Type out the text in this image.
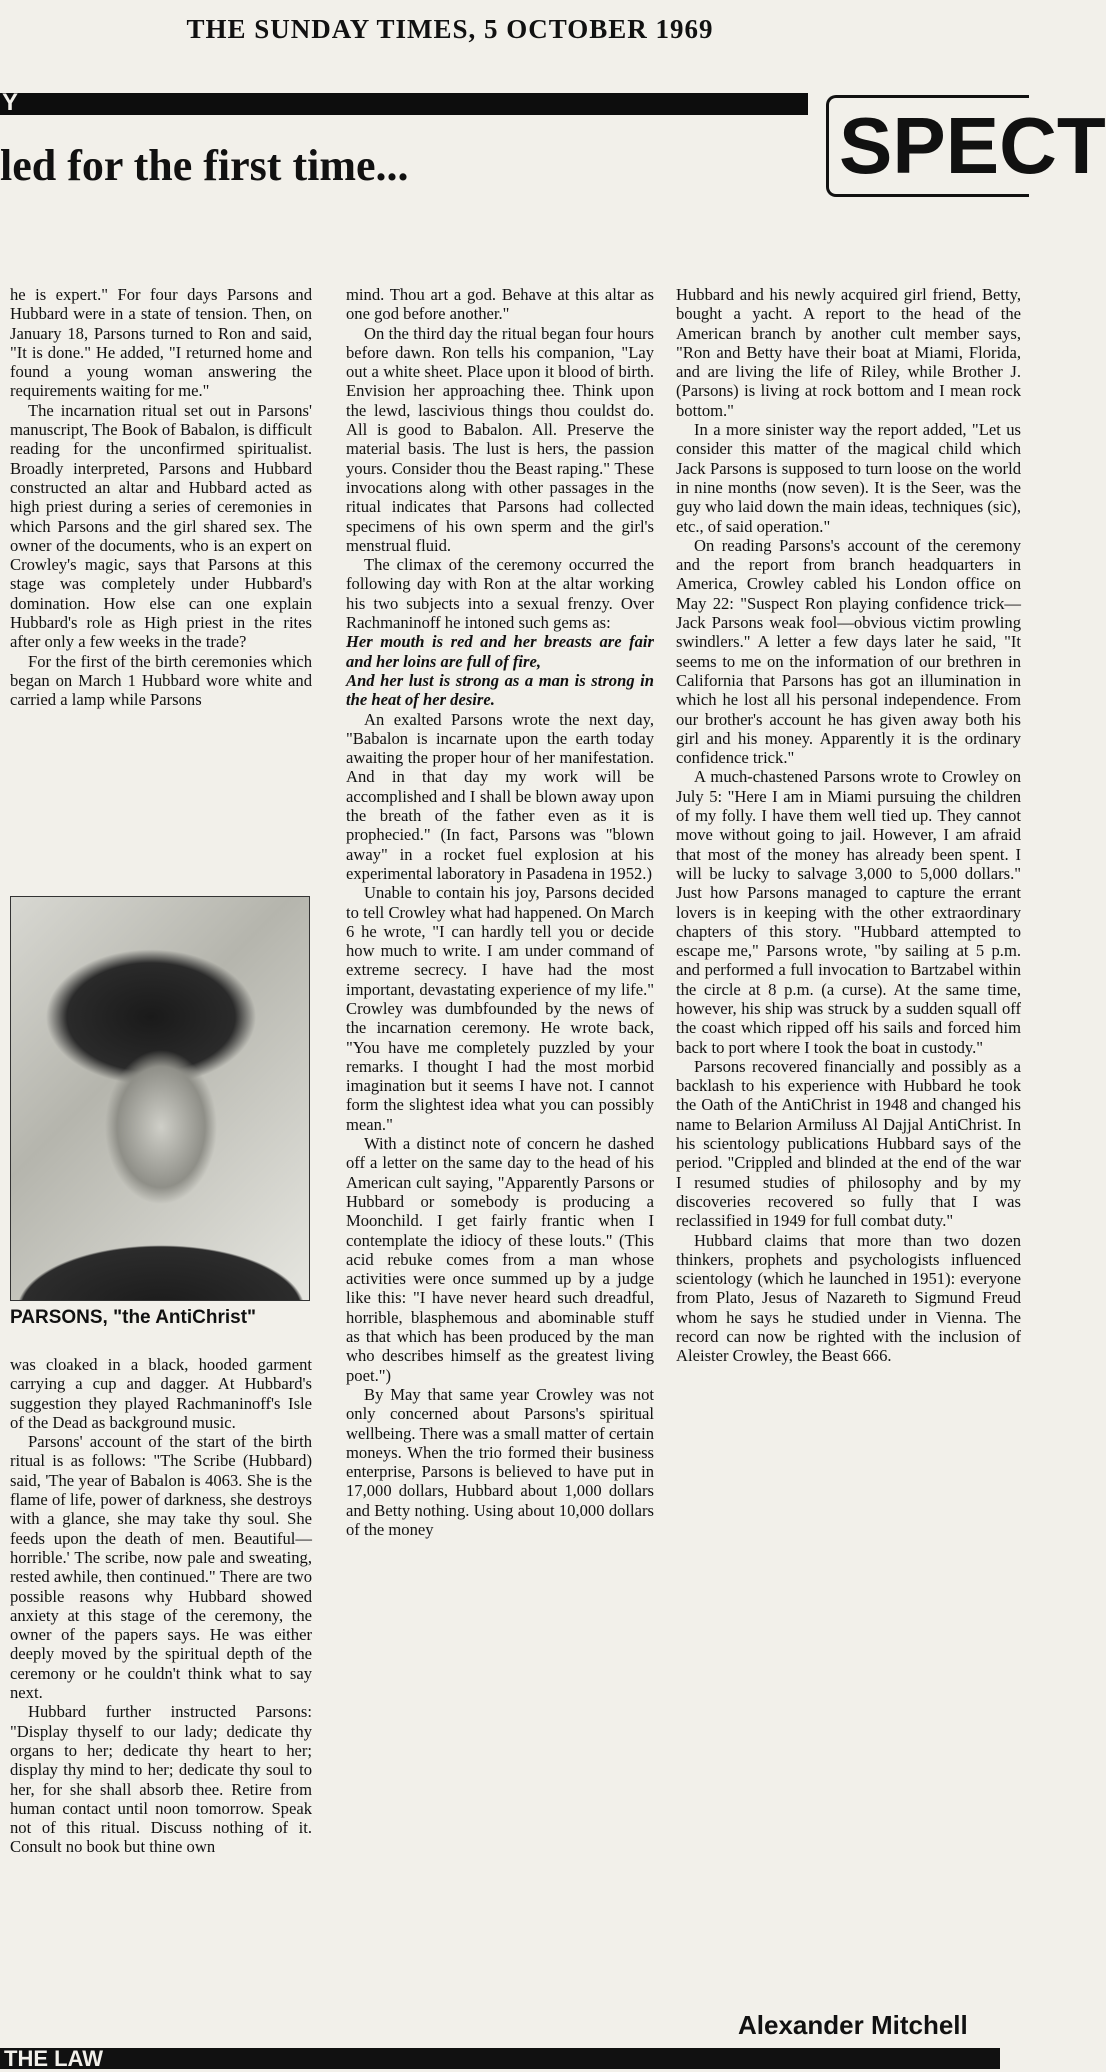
THE SUNDAY TIMES, 5 OCTOBER 1969
Y	SPECT
led for the first time...

he is expert." For four days Parsons and Hubbard were in a state of tension. Then, on January 18, Parsons turned to Ron and said, "It is done." He added, "I returned home and found a young woman answering the requirements waiting for me."

The incarnation ritual set out in Parsons' manuscript, The Book of Babalon, is difficult reading for the unconfirmed spiritualist. Broadly interpreted, Parsons and Hubbard constructed an altar and Hubbard acted as high priest during a series of ceremonies in which Parsons and the girl shared sex. The owner of the documents, who is an expert on Crowley's magic, says that Parsons at this stage was completely under Hubbard's domination. How else can one explain Hubbard's role as High priest in the rites after only a few weeks in the trade?

For the first of the birth ceremonies which began on March 1 Hubbard wore white and carried a lamp while Parsons

PARSONS, "the AntiChrist"

was cloaked in a black, hooded garment carrying a cup and dagger. At Hubbard's suggestion they played Rachmaninoff's Isle of the Dead as background music.

Parsons' account of the start of the birth ritual is as follows: "The Scribe (Hubbard) said, 'The year of Babalon is 4063. She is the flame of life, power of darkness, she destroys with a glance, she may take thy soul. She feeds upon the death of men. Beautiful—horrible.' The scribe, now pale and sweating, rested awhile, then continued." There are two possible reasons why Hubbard showed anxiety at this stage of the ceremony, the owner of the papers says. He was either deeply moved by the spiritual depth of the ceremony or he couldn't think what to say next.

Hubbard further instructed Parsons: "Display thyself to our lady; dedicate thy organs to her; dedicate thy heart to her; display thy mind to her; dedicate thy soul to her, for she shall absorb thee. Retire from human contact until noon tomorrow. Speak not of this ritual. Discuss nothing of it. Consult no book but thine own

mind. Thou art a god. Behave at this altar as one god before another."

On the third day the ritual began four hours before dawn. Ron tells his companion, "Lay out a white sheet. Place upon it blood of birth. Envision her approaching thee. Think upon the lewd, lascivious things thou couldst do. All is good to Babalon. All. Preserve the material basis. The lust is hers, the passion yours. Consider thou the Beast raping." These invocations along with other passages in the ritual indicates that Parsons had collected specimens of his own sperm and the girl's menstrual fluid.

The climax of the ceremony occurred the following day with Ron at the altar working his two subjects into a sexual frenzy. Over Rachmaninoff he intoned such gems as:

Her mouth is red and her breasts are fair and her loins are full of fire,

And her lust is strong as a man is strong in the heat of her desire.

An exalted Parsons wrote the next day, "Babalon is incarnate upon the earth today awaiting the proper hour of her manifestation. And in that day my work will be accomplished and I shall be blown away upon the breath of the father even as it is prophecied." (In fact, Parsons was "blown away" in a rocket fuel explosion at his experimental laboratory in Pasadena in 1952.)

Unable to contain his joy, Parsons decided to tell Crowley what had happened. On March 6 he wrote, "I can hardly tell you or decide how much to write. I am under command of extreme secrecy. I have had the most important, devastating experience of my life." Crowley was dumbfounded by the news of the incarnation ceremony. He wrote back, "You have me completely puzzled by your remarks. I thought I had the most morbid imagination but it seems I have not. I cannot form the slightest idea what you can possibly mean."

With a distinct note of concern he dashed off a letter on the same day to the head of his American cult saying, "Apparently Parsons or Hubbard or somebody is producing a Moonchild. I get fairly frantic when I contemplate the idiocy of these louts." (This acid rebuke comes from a man whose activities were once summed up by a judge like this: "I have never heard such dreadful, horrible, blasphemous and abominable stuff as that which has been produced by the man who describes himself as the greatest living poet.")

By May that same year Crowley was not only concerned about Parsons's spiritual wellbeing. There was a small matter of certain moneys. When the trio formed their business enterprise, Parsons is believed to have put in 17,000 dollars, Hubbard about 1,000 dollars and Betty nothing. Using about 10,000 dollars of the money

Hubbard and his newly acquired girl friend, Betty, bought a yacht. A report to the head of the American branch by another cult member says, "Ron and Betty have their boat at Miami, Florida, and are living the life of Riley, while Brother J. (Parsons) is living at rock bottom and I mean rock bottom."

In a more sinister way the report added, "Let us consider this matter of the magical child which Jack Parsons is supposed to turn loose on the world in nine months (now seven). It is the Seer, was the guy who laid down the main ideas, techniques (sic), etc., of said operation."

On reading Parsons's account of the ceremony and the report from branch headquarters in America, Crowley cabled his London office on May 22: "Suspect Ron playing confidence trick—Jack Parsons weak fool—obvious victim prowling swindlers." A letter a few days later he said, "It seems to me on the information of our brethren in California that Parsons has got an illumination in which he lost all his personal independence. From our brother's account he has given away both his girl and his money. Apparently it is the ordinary confidence trick."

A much-chastened Parsons wrote to Crowley on July 5: "Here I am in Miami pursuing the children of my folly. I have them well tied up. They cannot move without going to jail. However, I am afraid that most of the money has already been spent. I will be lucky to salvage 3,000 to 5,000 dollars." Just how Parsons managed to capture the errant lovers is in keeping with the other extraordinary chapters of this story. "Hubbard attempted to escape me," Parsons wrote, "by sailing at 5 p.m. and performed a full invocation to Bartzabel within the circle at 8 p.m. (a curse). At the same time, however, his ship was struck by a sudden squall off the coast which ripped off his sails and forced him back to port where I took the boat in custody."

Parsons recovered financially and possibly as a backlash to his experience with Hubbard he took the Oath of the AntiChrist in 1948 and changed his name to Belarion Armiluss Al Dajjal AntiChrist. In his scientology publications Hubbard says of the period. "Crippled and blinded at the end of the war I resumed studies of philosophy and by my discoveries recovered so fully that I was reclassified in 1949 for full combat duty."

Hubbard claims that more than two dozen thinkers, prophets and psychologists influenced scientology (which he launched in 1951): everyone from Plato, Jesus of Nazareth to Sigmund Freud whom he says he studied under in Vienna. The record can now be righted with the inclusion of Aleister Crowley, the Beast 666.

Alexander Mitchell
THE LAW
